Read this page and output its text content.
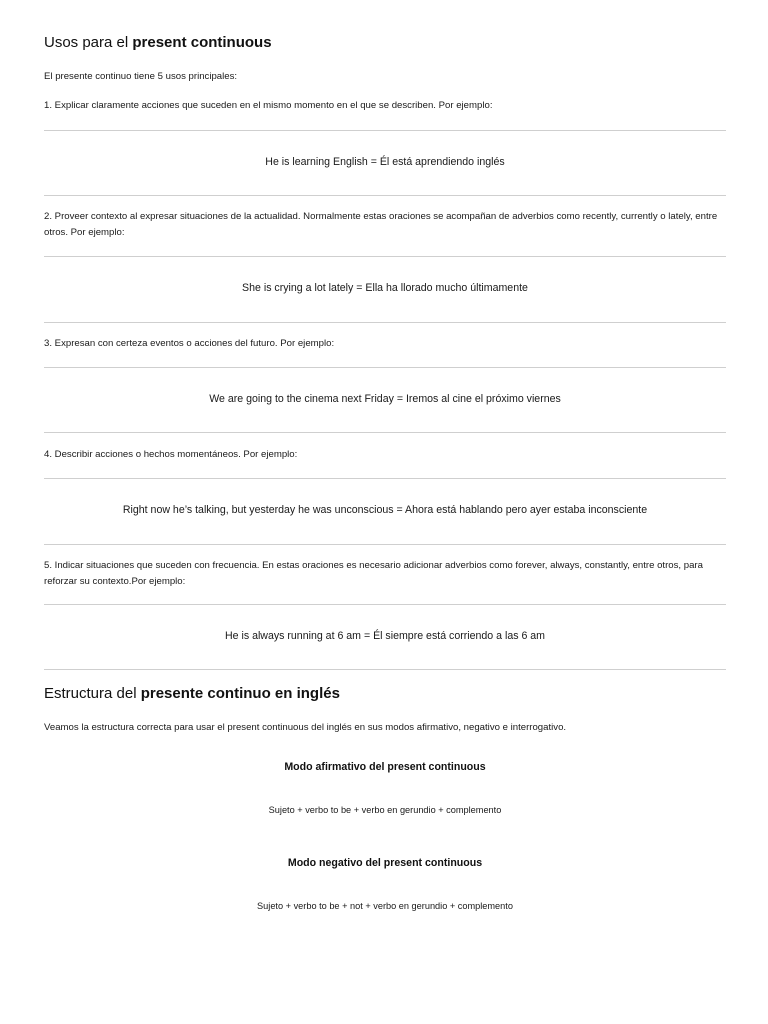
Usos para el present continuous

El presente continuo tiene 5 usos principales:

1. Explicar claramente acciones que suceden en el mismo momento en el que se describen. Por ejemplo:

He is learning English = Él está aprendiendo inglés

2. Proveer contexto al expresar situaciones de la actualidad. Normalmente estas oraciones se acompañan de adverbios como recently, currently o lately, entre otros. Por ejemplo:

She is crying a lot lately = Ella ha llorado mucho últimamente

3. Expresan con certeza eventos o acciones del futuro. Por ejemplo:

We are going to the cinema next Friday = Iremos al cine el próximo viernes

4. Describir acciones o hechos momentáneos. Por ejemplo:

Right now he’s talking, but yesterday he was unconscious = Ahora está hablando pero ayer estaba inconsciente

5. Indicar situaciones que suceden con frecuencia. En estas oraciones es necesario adicionar adverbios como forever, always, constantly, entre otros, para reforzar su contexto.Por ejemplo:

He is always running at 6 am = Él siempre está corriendo a las 6 am
Estructura del presente continuo en inglés

Veamos la estructura correcta para usar el present continuous del inglés en sus modos afirmativo, negativo e interrogativo.

Modo afirmativo del present continuous
Sujeto + verbo to be + verbo en gerundio + complemento
Modo negativo del present continuous
Sujeto + verbo to be + not + verbo en gerundio + complemento
